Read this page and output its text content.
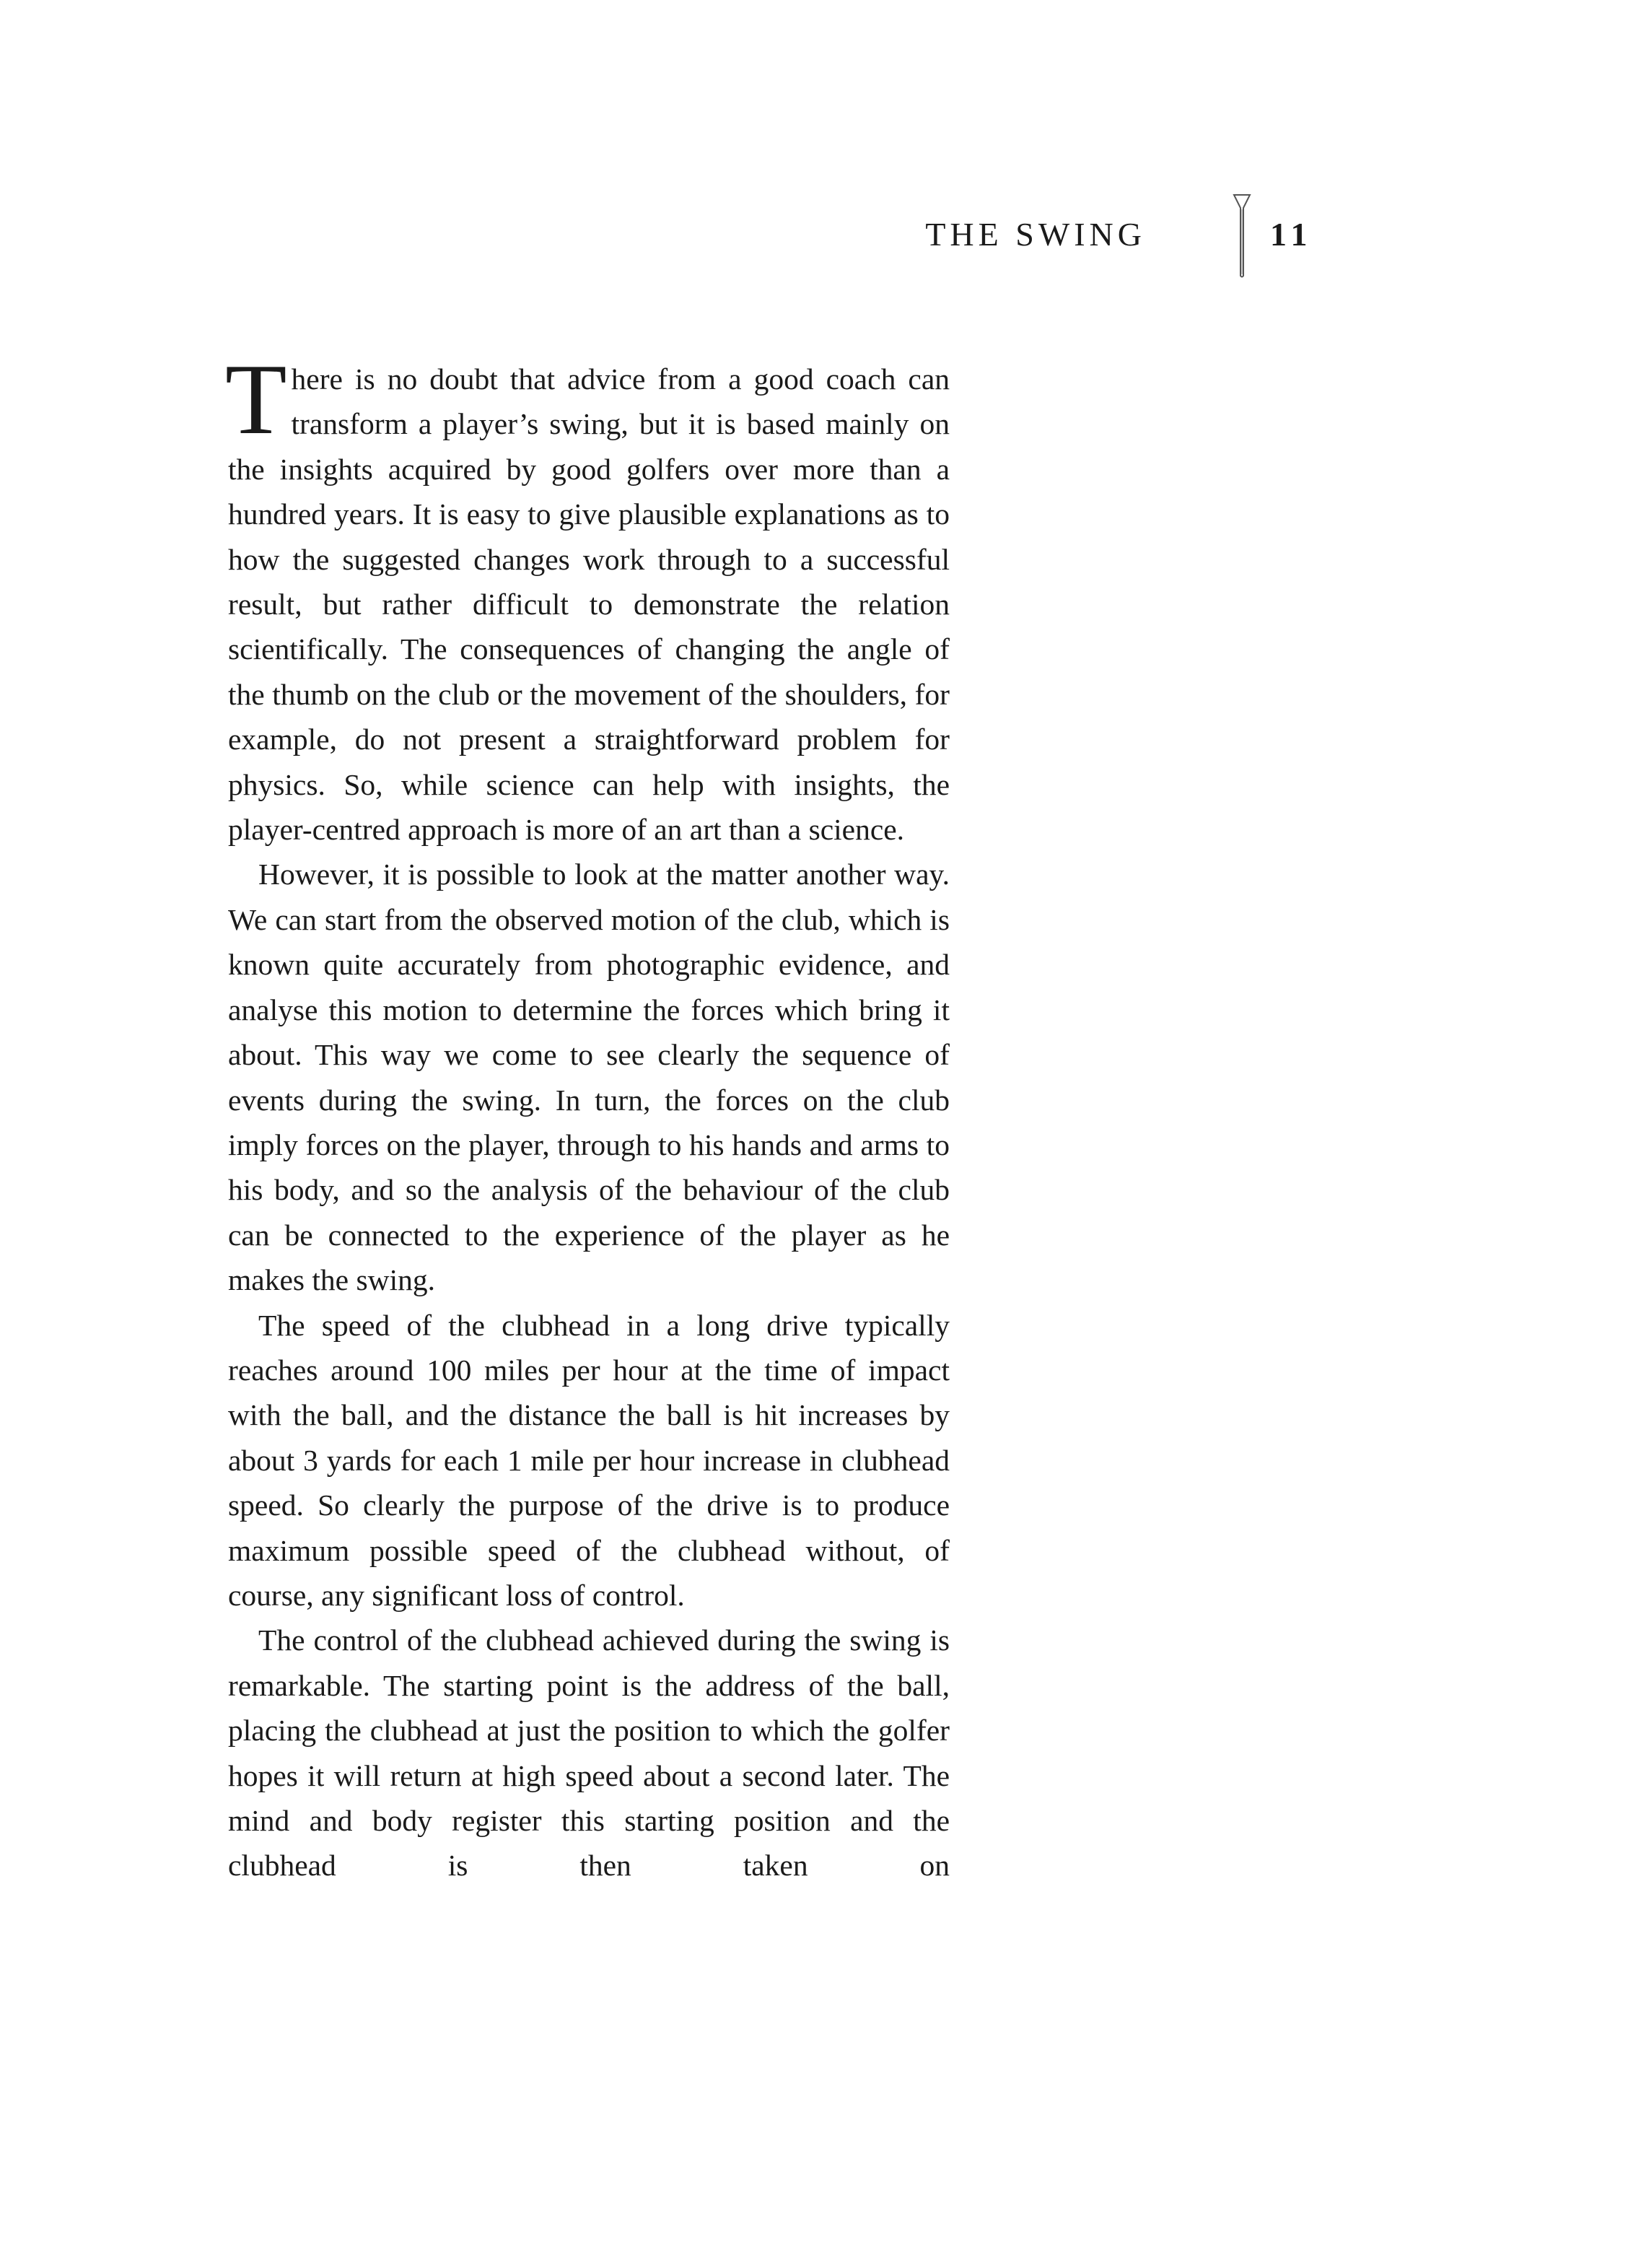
THE SWING	11

There is no doubt that advice from a good coach can transform a player’s swing, but it is based mainly on the insights acquired by good golfers over more than a hundred years. It is easy to give plausible explanations as to how the suggested changes work through to a successful result, but rather difficult to demonstrate the relation scientifically. The consequences of changing the angle of the thumb on the club or the movement of the shoulders, for example, do not present a straightforward problem for physics. So, while science can help with insights, the player-centred approach is more of an art than a science.

However, it is possible to look at the matter another way. We can start from the observed motion of the club, which is known quite accurately from photographic evidence, and analyse this motion to determine the forces which bring it about. This way we come to see clearly the sequence of events during the swing. In turn, the forces on the club imply forces on the player, through to his hands and arms to his body, and so the analysis of the behaviour of the club can be connected to the experience of the player as he makes the swing.

The speed of the clubhead in a long drive typically reaches around 100 miles per hour at the time of impact with the ball, and the distance the ball is hit increases by about 3 yards for each 1 mile per hour increase in clubhead speed. So clearly the purpose of the drive is to produce maximum possible speed of the clubhead without, of course, any significant loss of control.

The control of the clubhead achieved during the swing is remarkable. The starting point is the address of the ball, placing the clubhead at just the position to which the golfer hopes it will return at high speed about a second later. The mind and body register this starting position and the clubhead is then taken on
